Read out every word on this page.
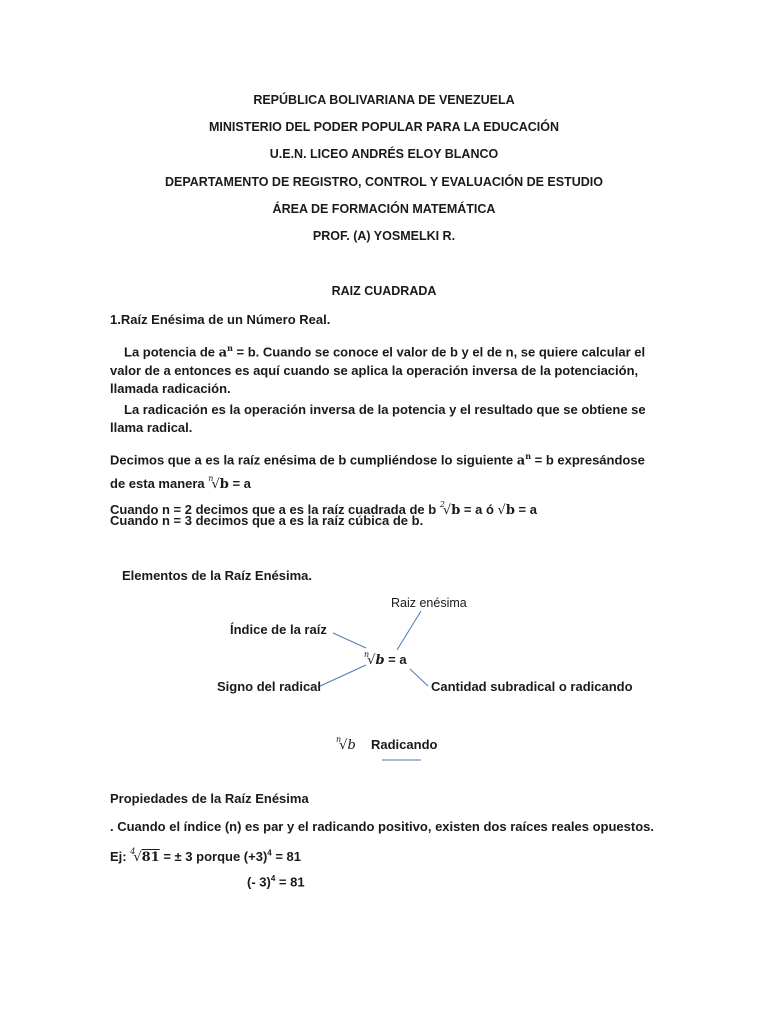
REPÚBLICA BOLIVARIANA DE VENEZUELA
MINISTERIO DEL PODER POPULAR PARA LA EDUCACIÓN
U.E.N. LICEO ANDRÉS ELOY BLANCO
DEPARTAMENTO DE REGISTRO, CONTROL Y EVALUACIÓN DE ESTUDIO
ÁREA DE FORMACIÓN MATEMÁTICA
PROF. (A) YOSMELKI R.
RAIZ CUADRADA
1.Raíz Enésima de un Número Real.

La potencia de $a^n = b$. Cuando se conoce el valor de b y el de n, se quiere calcular el valor de a entonces es aquí cuando se aplica la operación inversa de la potenciación, llamada radicación.

La radicación es la operación inversa de la potencia y el resultado que se obtiene se llama radical.

Decimos que a es la raíz enésima de b cumpliéndose lo siguiente $a^n = b$ expresándose de esta manera $^n$√b = a

Cuando n = 2 decimos que a es la raíz cuadrada de b $^2$√b = a ó √b = a

Cuando n = 3 decimos que a es la raíz cúbica de b.
Elementos de la Raíz Enésima.
Raiz enésima
Índice de la raíz
$^n$√b = a
Signo del radical	Cantidad subradical o radicando
$^n$√b Radicando
Propiedades de la Raíz Enésima
. Cuando el índice (n) es par y el radicando positivo, existen dos raíces reales opuestos.
Ej: $^4$√81 = ± 3 porque $(+3)^4 = 81$
(- 3)$^4$ = 81
